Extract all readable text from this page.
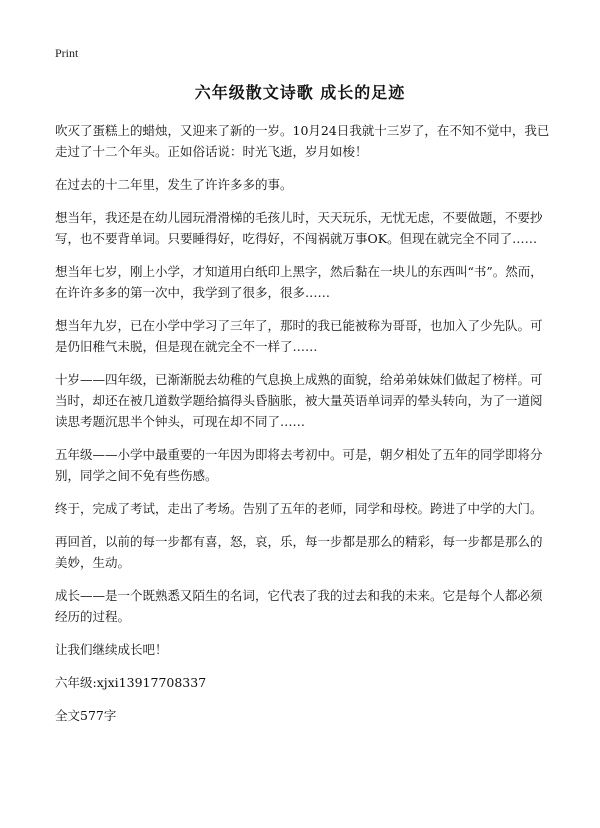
Print
六年级散文诗歌 成长的足迹

吹灭了蛋糕上的蜡烛，又迎来了新的一岁。10月24日我就十三岁了，在不知不觉中，我已走过了十二个年头。正如俗话说：时光飞逝，岁月如梭！

在过去的十二年里，发生了许许多多的事。

想当年，我还是在幼儿园玩滑滑梯的毛孩儿时，天天玩乐，无忧无虑，不要做题，不要抄写，也不要背单词。只要睡得好，吃得好，不闯祸就万事OK。但现在就完全不同了……

想当年七岁，刚上小学，才知道用白纸印上黑字，然后黏在一块儿的东西叫“书”。然而，在许许多多的第一次中，我学到了很多，很多……

想当年九岁，已在小学中学习了三年了，那时的我已能被称为哥哥，也加入了少先队。可是仍旧稚气未脱，但是现在就完全不一样了……

十岁——四年级，已渐渐脱去幼稚的气息换上成熟的面貌，给弟弟妹妹们做起了榜样。可当时，却还在被几道数学题给搞得头昏脑胀，被大量英语单词弄的晕头转向，为了一道阅读思考题沉思半个钟头，可现在却不同了……

五年级——小学中最重要的一年因为即将去考初中。可是，朝夕相处了五年的同学即将分别，同学之间不免有些伤感。

终于，完成了考试，走出了考场。告别了五年的老师，同学和母校。跨进了中学的大门。

再回首，以前的每一步都有喜，怒，哀，乐，每一步都是那么的精彩，每一步都是那么的美妙，生动。

成长——是一个既熟悉又陌生的名词，它代表了我的过去和我的未来。它是每个人都必须经历的过程。

让我们继续成长吧！

六年级:xjxi13917708337

全文577字
